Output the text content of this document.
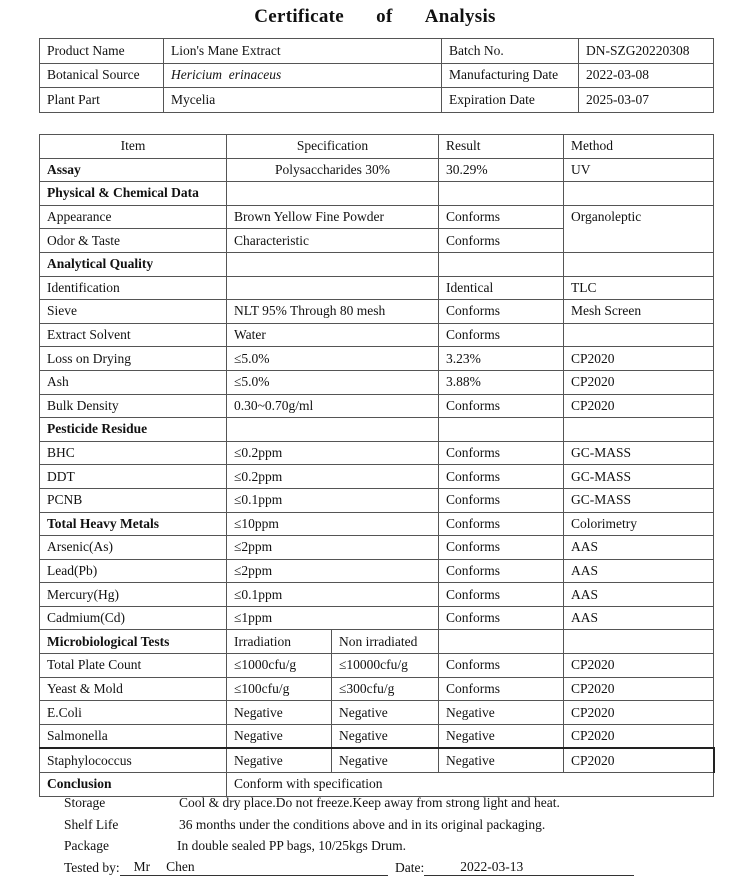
Certificate of Analysis
Product Name	Lion's Mane Extract	Batch No.	DN-SZG20220308
Botanical Source	Hericium erinaceus	Manufacturing Date	2022-03-08
Plant Part	Mycelia	Expiration Date	2025-03-07
Item	Specification		Result	Method
Assay	Polysaccharides 30%		30.29%	UV
Physical & Chemical Data				
Appearance	Brown Yellow Fine Powder		Conforms	Organoleptic
Odor & Taste	Characteristic		Conforms	
Analytical Quality				
Identification			Identical	TLC
Sieve	NLT 95% Through 80 mesh		Conforms	Mesh Screen
Extract Solvent	Water		Conforms	
Loss on Drying	≤5.0%		3.23%	CP2020
Ash	≤5.0%		3.88%	CP2020
Bulk Density	0.30~0.70g/ml		Conforms	CP2020
Pesticide Residue				
BHC	≤0.2ppm		Conforms	GC-MASS
DDT	≤0.2ppm		Conforms	GC-MASS
PCNB	≤0.1ppm		Conforms	GC-MASS
Total Heavy Metals	≤10ppm		Conforms	Colorimetry
Arsenic(As)	≤2ppm		Conforms	AAS
Lead(Pb)	≤2ppm		Conforms	AAS
Mercury(Hg)	≤0.1ppm		Conforms	AAS
Cadmium(Cd)	≤1ppm		Conforms	AAS
Microbiological Tests	Irradiation	Non irradiated		
Total Plate Count	≤1000cfu/g	≤10000cfu/g	Conforms	CP2020
Yeast & Mold	≤100cfu/g	≤300cfu/g	Conforms	CP2020
E.Coli	Negative	Negative	Negative	CP2020
Salmonella	Negative	Negative	Negative	CP2020
Staphylococcus	Negative	Negative	Negative	CP2020
Conclusion	Conform with specification			
Storage	Cool & dry place.Do not freeze.Keep away from strong light and heat.
Shelf Life	36 months under the conditions above and in its original packaging.
Package	In double sealed PP bags, 10/25kgs Drum.
Tested by: Mr Chen	Date:	2022-03-13
